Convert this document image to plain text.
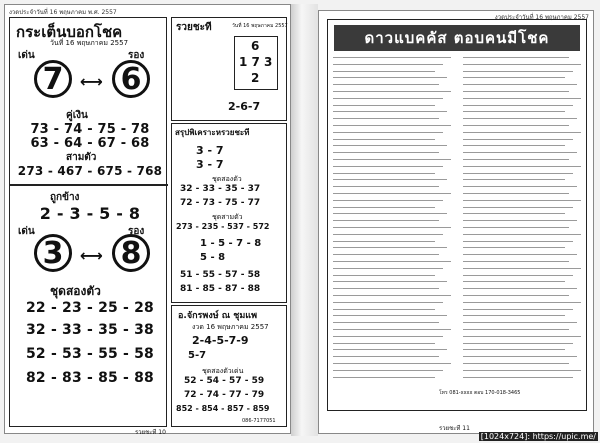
งวดประจำวันที่ 16 พฤษภาคม พ.ศ. 2557
กระเต็นบอกโชค
วันที่ 16 พฤษภาคม 2557
เด่น	รอง
7 6
⟷
คู่เงิน
73 - 74 - 75 - 78
63 - 64 - 67 - 68
สามตัว
273 - 467 - 675 - 768
ถูกข้าง
2 - 3 - 5 - 8
เด่น	รอง
3 8
⟷
ชุดสองตัว
22 - 23 - 25 - 28
32 - 33 - 35 - 38
52 - 53 - 55 - 58
82 - 83 - 85 - 88
รวยชะที	วันที่ 16 พฤษภาคม 2557
6
1 7 3
2
2-6-7
สรุปพิเคราะหรวยชะที
3 - 7
3 - 7
ชุดสองตัว
32 - 33 - 35 - 37
72 - 73 - 75 - 77
ชุดสามตัว
273 - 235 - 537 - 572
1 - 5 - 7 - 8
5 - 8
51 - 55 - 57 - 58
81 - 85 - 87 - 88
อ.จักรพงษ์ ณ ชุมแพ
งวด 16 พฤษภาคม 2557
2-4-5-7-9
5-7
ชุดสองตัวเด่น
52 - 54 - 57 - 59
72 - 74 - 77 - 79
852 - 854 - 857 - 859
086-7177051
รวยชะที 10
งวดประจำวันที่ 16 พฤษภาคม 2557
ดาวแบคคัส ตอบคนมีโชค
โทร 081-xxxx ตอบ 170-018-3465
รวยชะที 11
[1024x724]: https://upic.me/
